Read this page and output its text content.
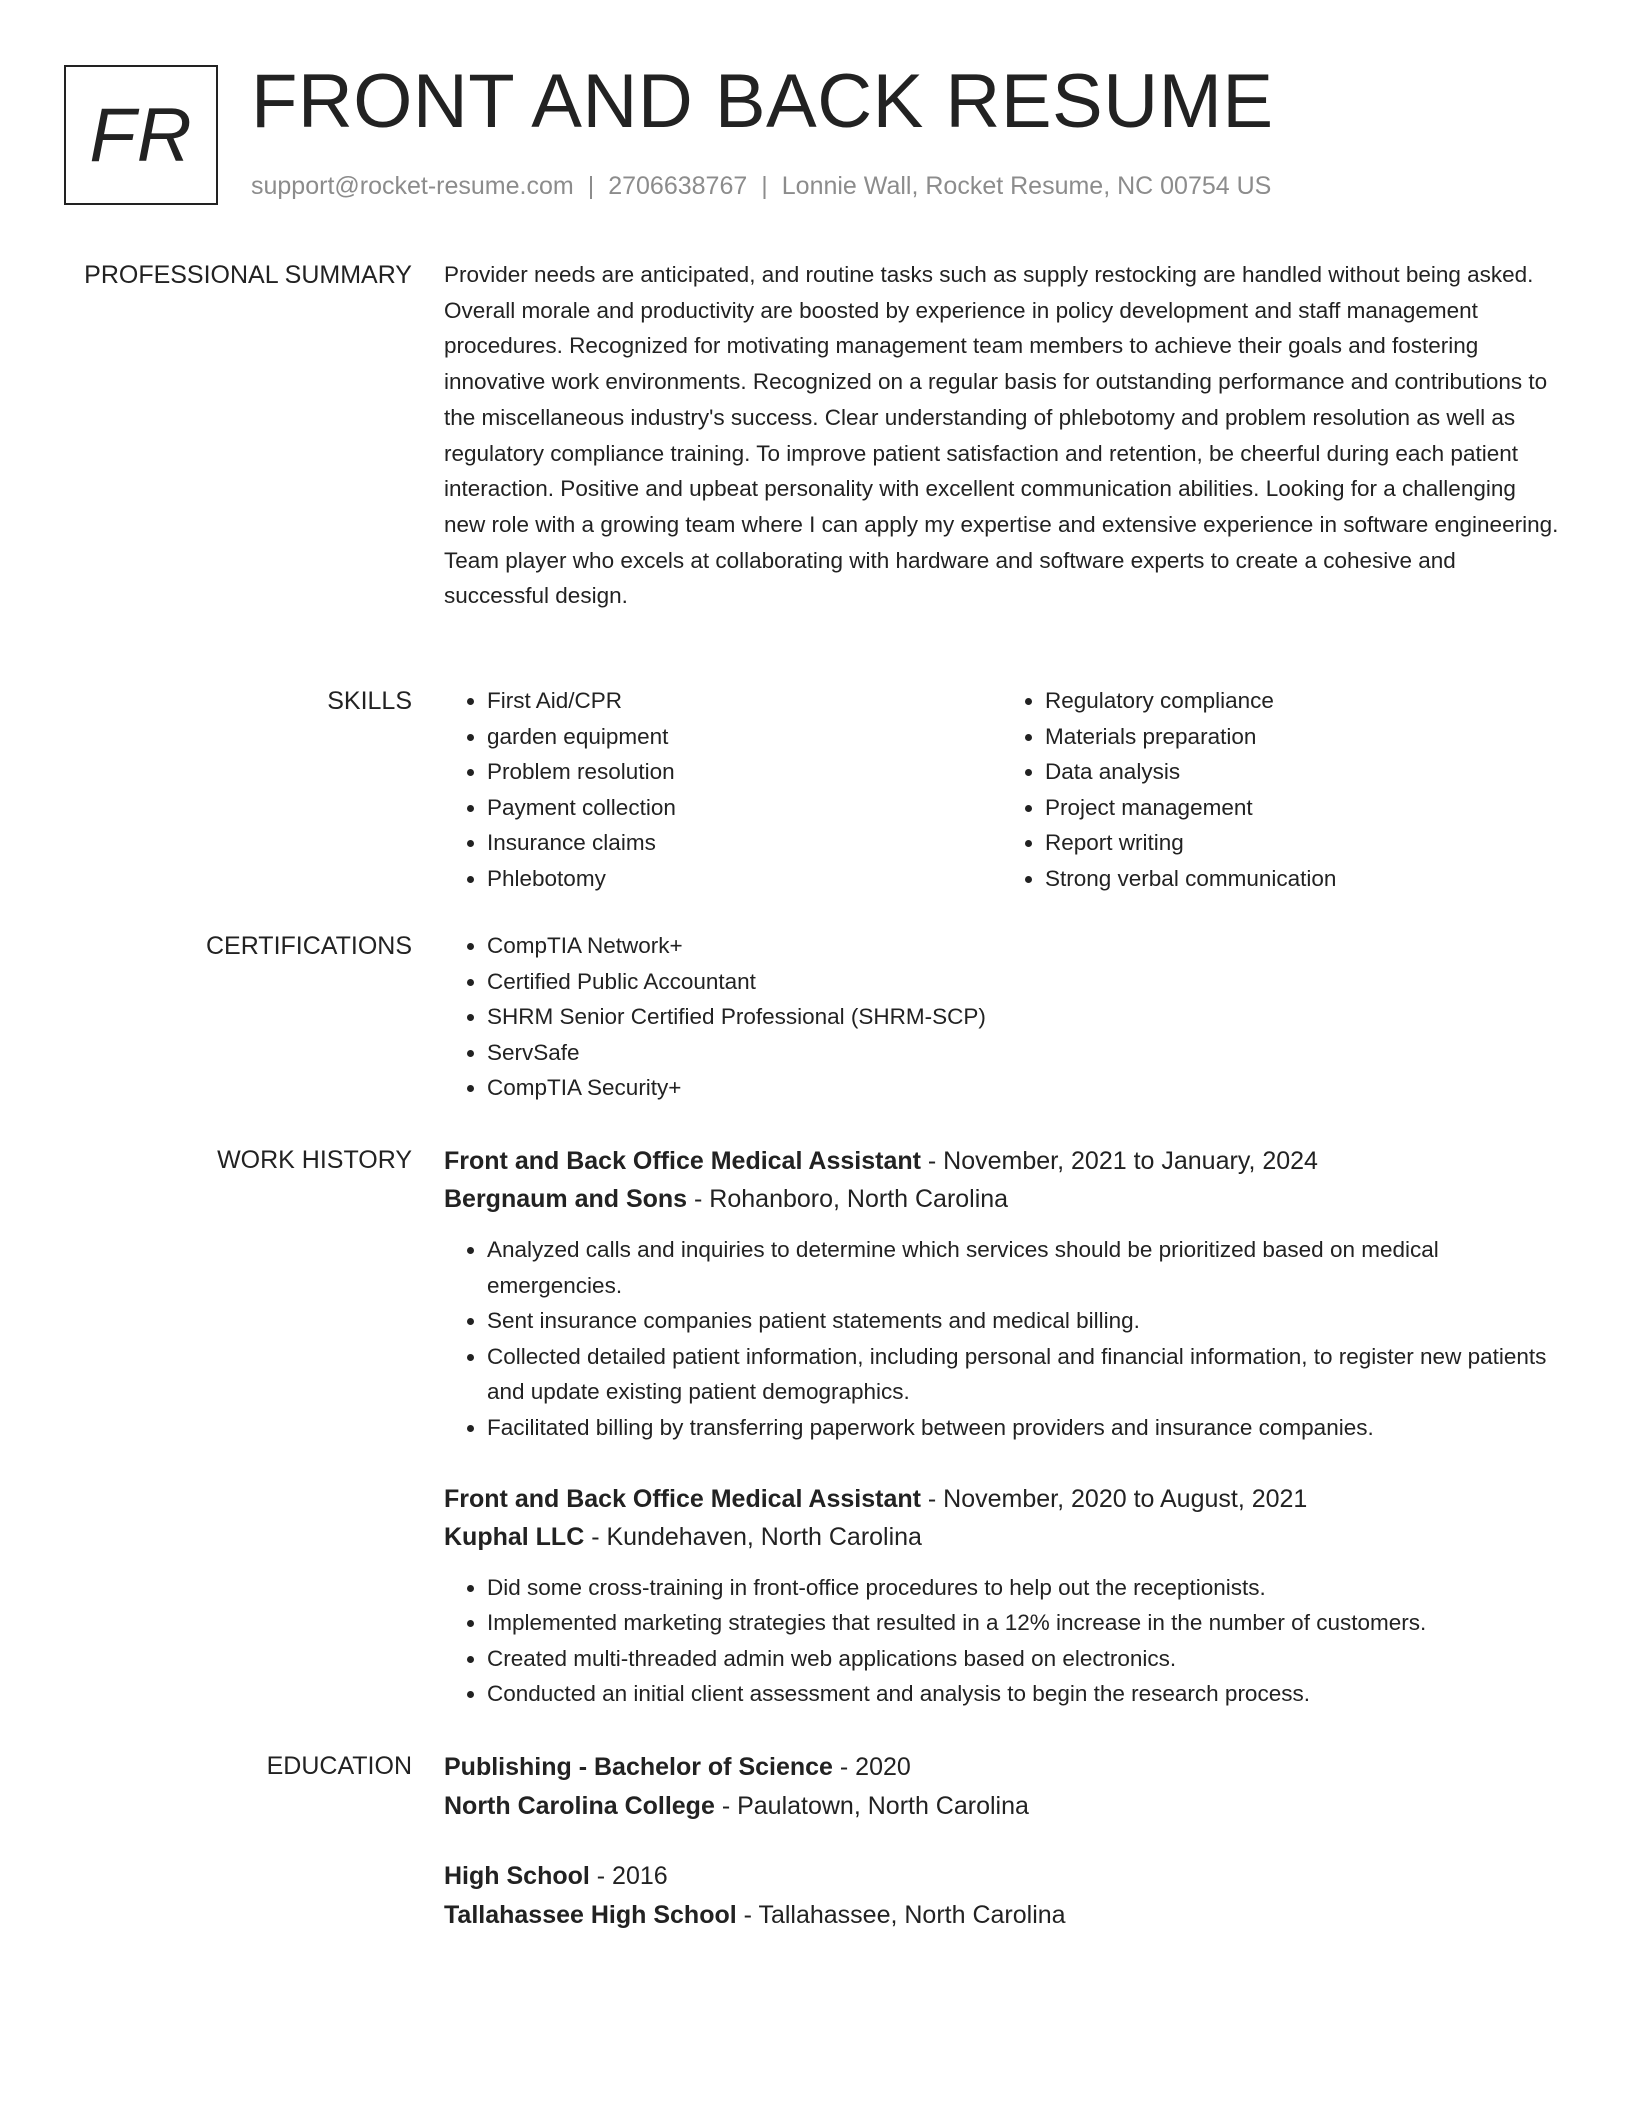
FR FRONT AND BACK RESUME
support@rocket-resume.com | 2706638767 | Lonnie Wall, Rocket Resume, NC 00754 US
PROFESSIONAL SUMMARY Provider needs are anticipated, and routine tasks such as supply restocking are handled without being asked. Overall morale and productivity are boosted by experience in policy development and staff management procedures. Recognized for motivating management team members to achieve their goals and fostering innovative work environments. Recognized on a regular basis for outstanding performance and contributions to the miscellaneous industry's success. Clear understanding of phlebotomy and problem resolution as well as regulatory compliance training. To improve patient satisfaction and retention, be cheerful during each patient interaction. Positive and upbeat personality with excellent communication abilities. Looking for a challenging new role with a growing team where I can apply my expertise and extensive experience in software engineering. Team player who excels at collaborating with hardware and software experts to create a cohesive and successful design.

SKILLS	• First Aid/CPR
• garden equipment
• Problem resolution
• Payment collection
• Insurance claims
• Phlebotomy
• Regulatory compliance
• Materials preparation
• Data analysis
• Project management
• Report writing
• Strong verbal communication
CERTIFICATIONS	• CompTIA Network+
• Certified Public Accountant
• SHRM Senior Certified Professional (SHRM-SCP)
• ServSafe
• CompTIA Security+
WORK HISTORY Front and Back Office Medical Assistant - November, 2021 to January, 2024
Bergnaum and Sons - Rohanboro, North Carolina
• Analyzed calls and inquiries to determine which services should be prioritized based on medical emergencies.
• Sent insurance companies patient statements and medical billing.
• Collected detailed patient information, including personal and financial information, to register new patients and update existing patient demographics.
• Facilitated billing by transferring paperwork between providers and insurance companies.
Front and Back Office Medical Assistant - November, 2020 to August, 2021
Kuphal LLC - Kundehaven, North Carolina
• Did some cross-training in front-office procedures to help out the receptionists.
• Implemented marketing strategies that resulted in a 12% increase in the number of customers.
• Created multi-threaded admin web applications based on electronics.
• Conducted an initial client assessment and analysis to begin the research process.
EDUCATION Publishing - Bachelor of Science - 2020
North Carolina College - Paulatown, North Carolina
High School - 2016
Tallahassee High School - Tallahassee, North Carolina
